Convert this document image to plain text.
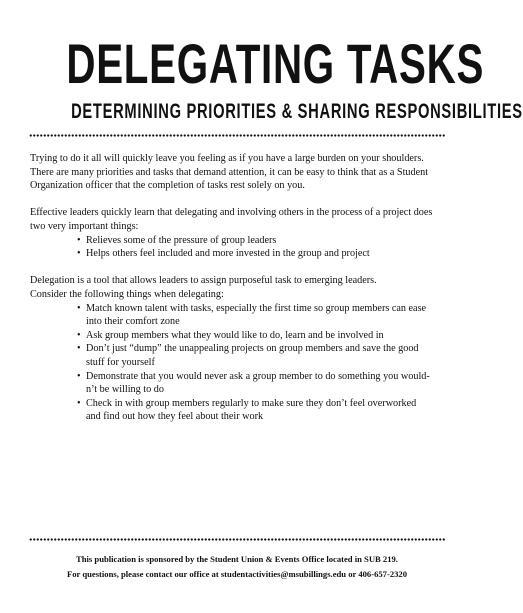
DELEGATING TASKS
DETERMINING PRIORITIES & SHARING RESPONSIBILITIES

Trying to do it all will quickly leave you feeling as if you have a large burden on your shoulders.
There are many priorities and tasks that demand attention, it can be easy to think that as a Student
Organization officer that the completion of tasks rest solely on you.

Effective leaders quickly learn that delegating and involving others in the process of a project does
two very important things:

• Relieves some of the pressure of group leaders
• Helps others feel included and more invested in the group and project

Delegation is a tool that allows leaders to assign purposeful task to emerging leaders.
Consider the following things when delegating:

• Match known talent with tasks, especially the first time so group members can ease
into their comfort zone
• Ask group members what they would like to do, learn and be involved in
• Don’t just “dump” the unappealing projects on group members and save the good
stuff for yourself
• Demonstrate that you would never ask a group member to do something you would-
n’t be willing to do
• Check in with group members regularly to make sure they don’t feel overworked
and find out how they feel about their work
This publication is sponsored by the Student Union & Events Office located in SUB 219.
For questions, please contact our office at studentactivities@msubillings.edu or 406-657-2320
